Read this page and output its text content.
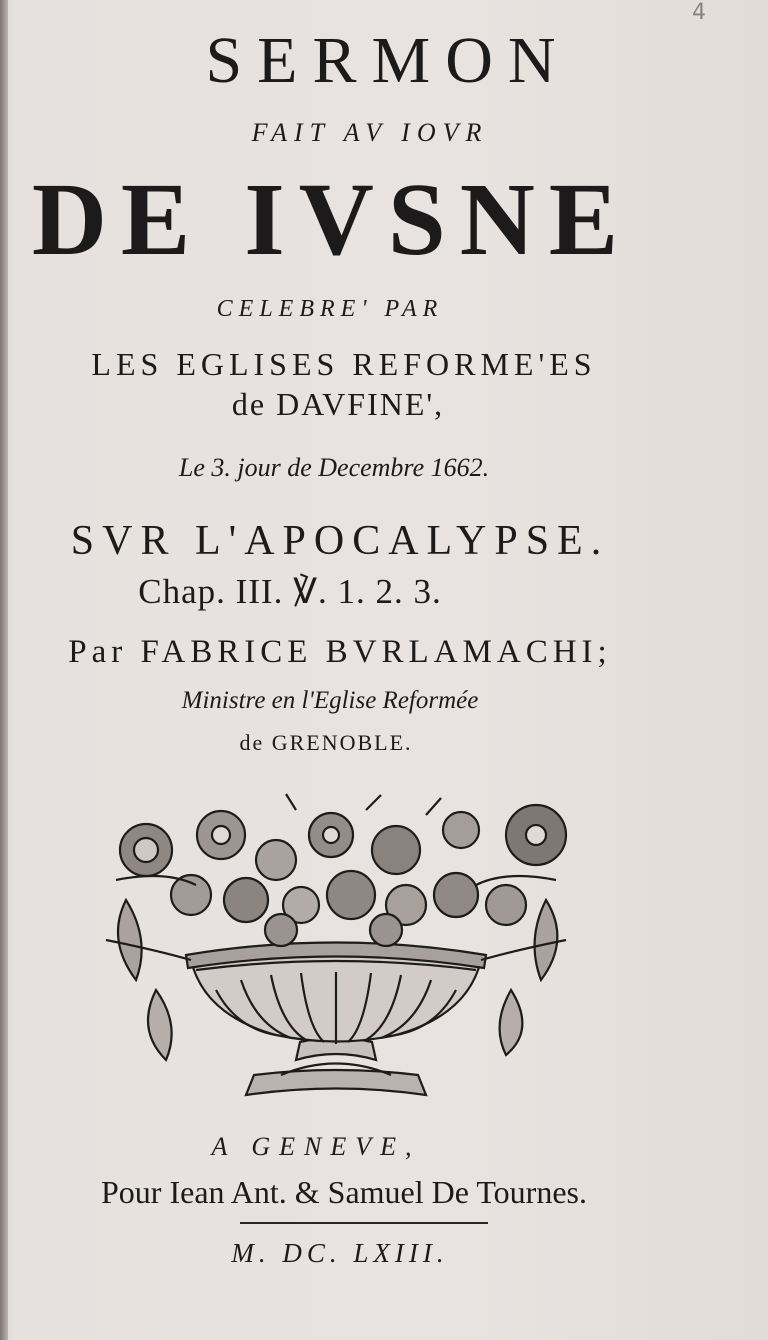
4
SERMON
FAIT AV IOVR
DE IVSNE
CELEBRE' PAR
LES EGLISES REFORME'ES
de DAVFINE',
Le 3. jour de Decembre 1662.
SVR L'APOCALYPSE.
Chap. III. ℣. 1. 2. 3.
Par FABRICE BVRLAMACHI;
Ministre en l'Eglise Reformée
de GRENOBLE.
A GENEVE,
Pour Iean Ant. & Samuel De Tournes.
M. DC. LXIII.
